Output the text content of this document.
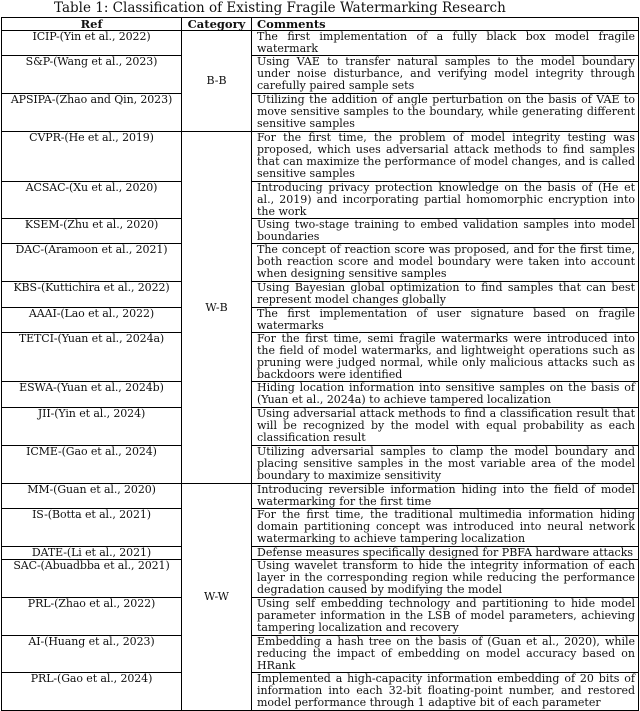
Table 1: Classification of Existing Fragile Watermarking Research
Ref	Category	Comments
ICIP-(Yin et al., 2022)	B-B	The first implementation of a fully black box model fragile watermark
S&P-(Wang et al., 2023)		Using VAE to transfer natural samples to the model boundary under noise disturbance, and verifying model integrity through carefully paired sample sets
APSIPA-(Zhao and Qin, 2023)		Utilizing the addition of angle perturbation on the basis of VAE to move sensitive samples to the boundary, while generating different sensitive samples
CVPR-(He et al., 2019)	W-B	For the first time, the problem of model integrity testing was proposed, which uses adversarial attack methods to find samples that can maximize the performance of model changes, and is called sensitive samples
ACSAC-(Xu et al., 2020)		Introducing privacy protection knowledge on the basis of (He et al., 2019) and incorporating partial homomorphic encryption into the work
KSEM-(Zhu et al., 2020)		Using two-stage training to embed validation samples into model boundaries
DAC-(Aramoon et al., 2021)		The concept of reaction score was proposed, and for the first time, both reaction score and model boundary were taken into account when designing sensitive samples
KBS-(Kuttichira et al., 2022)		Using Bayesian global optimization to find samples that can best represent model changes globally
AAAI-(Lao et al., 2022)		The first implementation of user signature based on fragile watermarks
TETCI-(Yuan et al., 2024a)		For the first time, semi fragile watermarks were introduced into the field of model watermarks, and lightweight operations such as pruning were judged normal, while only malicious attacks such as backdoors were identified
ESWA-(Yuan et al., 2024b)		Hiding location information into sensitive samples on the basis of (Yuan et al., 2024a) to achieve tampered localization
JII-(Yin et al., 2024)		Using adversarial attack methods to find a classification result that will be recognized by the model with equal probability as each classification result
ICME-(Gao et al., 2024)		Utilizing adversarial samples to clamp the model boundary and placing sensitive samples in the most variable area of the model boundary to maximize sensitivity
MM-(Guan et al., 2020)	W-W	Introducing reversible information hiding into the field of model watermarking for the first time
IS-(Botta et al., 2021)		For the first time, the traditional multimedia information hiding domain partitioning concept was introduced into neural network watermarking to achieve tampering localization
DATE-(Li et al., 2021)		Defense measures specifically designed for PBFA hardware attacks
SAC-(Abuadbba et al., 2021)		Using wavelet transform to hide the integrity information of each layer in the corresponding region while reducing the performance degradation caused by modifying the model
PRL-(Zhao et al., 2022)		Using self embedding technology and partitioning to hide model parameter information in the LSB of model parameters, achieving tampering localization and recovery
AI-(Huang et al., 2023)		Embedding a hash tree on the basis of (Guan et al., 2020), while reducing the impact of embedding on model accuracy based on HRank
PRL-(Gao et al., 2024)		Implemented a high-capacity information embedding of 20 bits of information into each 32-bit floating-point number, and restored model performance through 1 adaptive bit of each parameter
